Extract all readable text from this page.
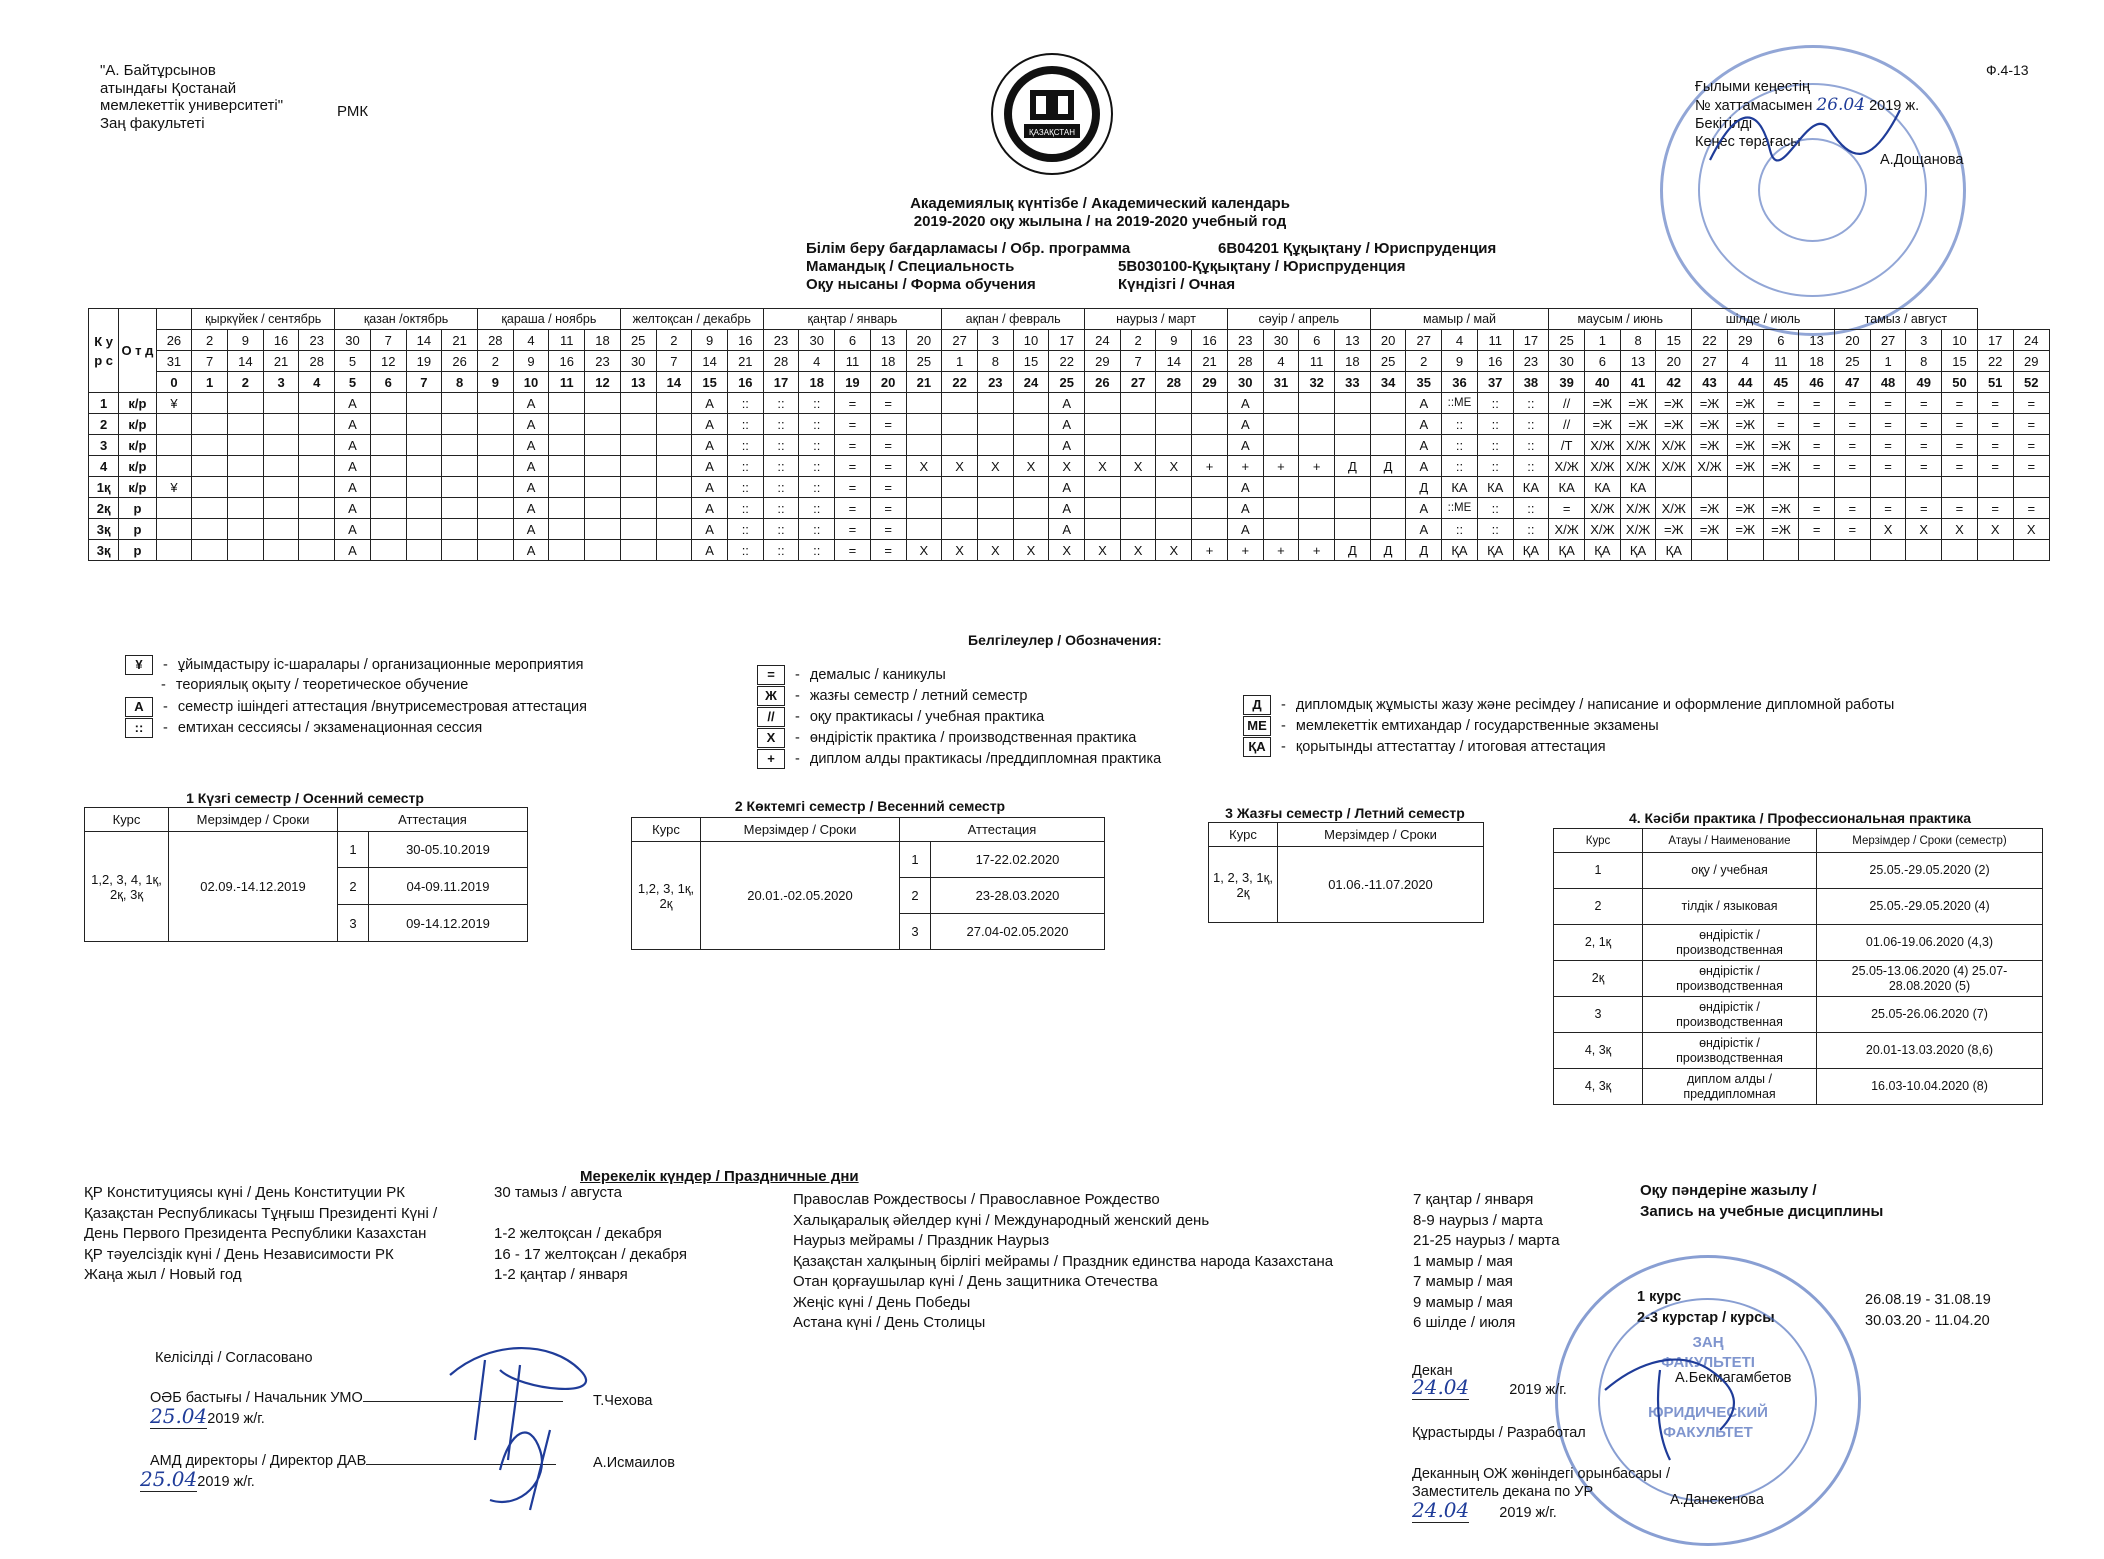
"А. Байтұрсынов
атындағы Қостанай
мемлекеттік университеті"
Заң факультеті
РМК
ҚАЗАҚСТАН
Ф.4-13
Ғылыми кеңестің
№ хаттамасымен 26.04 2019 ж.
Бекітілді
Кеңес төрағасы
А.Дощанова
Академиялық күнтізбе / Академический календарь
2019-2020 оқу жылына / на 2019-2020 учебный год
Білім беру бағдарламасы / Обр. программа
Мамандық / Специальность
Оқу нысаны / Форма обучения
6В04201 Құқықтану / Юриспруденция
5В030100-Құқықтану / Юриспруденция
Күндізгі / Очная
К у р с	О т д		қыркүйек / сентябрь				қазан /октябрь				қараша / ноябрь				желтоқсан / декабрь				қаңтар / январь					ақпан / февраль				наурыз / март				сәуір / апрель				мамыр / май					маусым / июнь				шілде / июль				тамыз / август					
		26	2	9	16	23	30	7	14	21	28	4	11	18	25	2	9	16	23	30	6	13	20	27	3	10	17	24	2	9	16	23	30	6	13	20	27	4	11	17	25	1	8	15	22	29	6	13	20	27	3	10	17	24
		31	7	14	21	28	5	12	19	26	2	9	16	23	30	7	14	21	28	4	11	18	25	1	8	15	22	29	7	14	21	28	4	11	18	25	2	9	16	23	30	6	13	20	27	4	11	18	25	1	8	15	22	29
		0	1	2	3	4	5	6	7	8	9	10	11	12	13	14	15	16	17	18	19	20	21	22	23	24	25	26	27	28	29	30	31	32	33	34	35	36	37	38	39	40	41	42	43	44	45	46	47	48	49	50	51	52
1	к/р	¥					А					А					А	::	::	::	=	=					А					А					А	::МЕ	::	::	//	=Ж	=Ж	=Ж	=Ж	=Ж	=	=	=	=	=	=	=	=
2	к/р						А					А					А	::	::	::	=	=					А					А					А	::	::	::	//	=Ж	=Ж	=Ж	=Ж	=Ж	=	=	=	=	=	=	=	=
3	к/р						А					А					А	::	::	::	=	=					А					А					А	::	::	::	/Т	Х/Ж	Х/Ж	Х/Ж	=Ж	=Ж	=Ж	=	=	=	=	=	=	=
4	к/р						А					А					А	::	::	::	=	=	Х	Х	Х	Х	Х	Х	Х	Х	+	+	+	+	Д	Д	А	::	::	::	Х/Ж	Х/Ж	Х/Ж	Х/Ж	Х/Ж	=Ж	=Ж	=	=	=	=	=	=	=
1қ	к/р	¥					А					А					А	::	::	::	=	=					А					А					Д	КА	КА	КА	КА	КА	КА											
2қ	р						А					А					А	::	::	::	=	=					А					А					А	::МЕ	::	::	=	Х/Ж	Х/Ж	Х/Ж	=Ж	=Ж	=Ж	=	=	=	=	=	=	=
3қ	р						А					А					А	::	::	::	=	=					А					А					А	::	::	::	Х/Ж	Х/Ж	Х/Ж	=Ж	=Ж	=Ж	=Ж	=	=	Х	Х	Х	Х	Х
3қ	р						А					А					А	::	::	::	=	=	Х	Х	Х	Х	Х	Х	Х	Х	+	+	+	+	Д	Д	Д	ҚА	ҚА	ҚА	ҚА	ҚА	ҚА	ҚА										
Белгілеулер / Обозначения:
¥ - ұйымдастыру іс-шаралары / организационные мероприятия
- теориялық оқыту / теоретическое обучение
А - семестр ішіндегі аттестация /внутрисеместровая аттестация
:: - емтихан сессиясы / экзаменационная сессия
= - демалыс / каникулы
Ж - жазғы семестр / летний семестр
// - оқу практикасы / учебная практика
Х - өндірістік практика / производственная практика
+ - диплом алды практикасы /преддипломная практика
Д - дипломдық жұмысты жазу және ресімдеу / написание и оформление дипломной работы
МЕ - мемлекеттік емтихандар / государственные экзамены
ҚА - қорытынды аттестаттау / итоговая аттестация
1 Күзгі семестр / Осенний семестр
Курс	Мерзімдер / Сроки	Аттестация	
1,2, 3, 4, 1қ, 2қ, 3қ	02.09.-14.12.2019	1	30-05.10.2019
		2	04-09.11.2019
		3	09-14.12.2019
2 Көктемгі семестр / Весенний семестр
Курс	Мерзімдер / Сроки	Аттестация	
1,2, 3, 1қ, 2қ	20.01.-02.05.2020	1	17-22.02.2020
		2	23-28.03.2020
		3	27.04-02.05.2020
3 Жазғы семестр / Летний семестр
Курс	Мерзімдер / Сроки
1, 2, 3, 1қ, 2қ	01.06.-11.07.2020
4. Кәсіби практика / Профессиональная практика
Курс	Атауы / Наименование	Мерзімдер / Сроки (семестр)
1	оқу / учебная	25.05.-29.05.2020 (2)
2	тілдік / языковая	25.05.-29.05.2020 (4)
2, 1қ	өндірістік / производственная	01.06-19.06.2020 (4,3)
2қ	өндірістік / производственная	25.05-13.06.2020 (4) 25.07-28.08.2020 (5)
3	өндірістік / производственная	25.05-26.06.2020 (7)
4, 3қ	өндірістік / производственная	20.01-13.03.2020 (8,6)
4, 3қ	диплом алды /преддипломная	16.03-10.04.2020 (8)
Мерекелік күндер / Праздничные дни
ҚР Конституциясы күні / День Конституции РК	30 тамыз / августа
Қазақстан Республикасы Тұңғыш Президенті Күні /
День Первого Президента Республики Казахстан	1-2 желтоқсан / декабря
ҚР тәуелсіздік күні / День Независимости РК	16 - 17 желтоқсан / декабря
Жаңа жыл / Новый год	1-2 қаңтар / января
Православ Рождествосы / Православное Рождество	7 қаңтар / января
Халықаралық әйелдер күні / Международный женский день	8-9 наурыз / марта
Наурыз мейрамы / Праздник Наурыз	21-25 наурыз / марта
Қазақстан халқының бірлігі мейрамы / Праздник единства народа Казахстана	1 мамыр / мая
Отан қорғаушылар күні / День защитника Отечества	7 мамыр / мая
Жеңіс күні / День Победы	9 мамыр / мая
Астана күні / День Столицы	6 шілде / июля
Оқу пәндеріне жазылу /
Запись на учебные дисциплины
1 курс
2-3 курстар / курсы
26.08.19 - 31.08.19
30.03.20 - 11.04.20
Келісілді / Согласовано
ОӘБ бастығы / Начальник УМО	Т.Чехова
25.042019 ж/г.
АМД директоры / Директор ДАВ	А.Исмаилов
25.042019 ж/г.
ЗАҢ
ФАКУЛЬТЕТІ
ЮРИДИЧЕСКИЙ
ФАКУЛЬТЕТ
Декан
24.04	2019 ж/г.
А.Бекмагамбетов
Құрастырды / Разработал
Деканның ОЖ жөніндегі орынбасары /
Заместитель декана по УР
24.04 2019 ж/г.
А.Данекенова
